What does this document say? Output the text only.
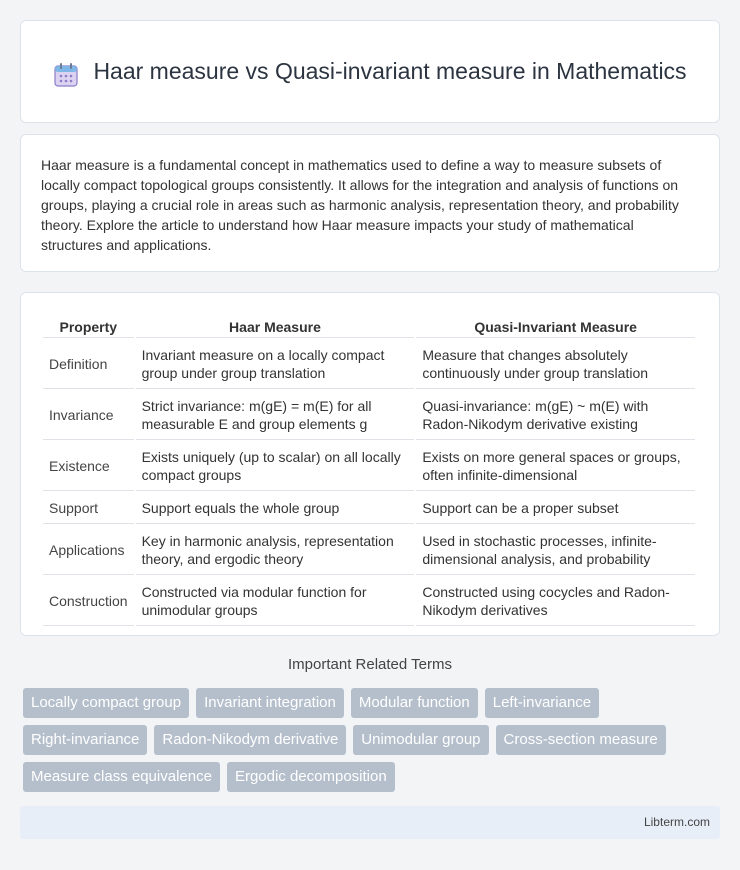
Haar measure vs Quasi-invariant measure in Mathematics

Haar measure is a fundamental concept in mathematics used to define a way to measure subsets of locally compact topological groups consistently. It allows for the integration and analysis of functions on groups, playing a crucial role in areas such as harmonic analysis, representation theory, and probability theory. Explore the article to understand how Haar measure impacts your study of mathematical structures and applications.

Property	Haar Measure	Quasi-Invariant Measure
Definition	Invariant measure on a locally compact group under group translation	Measure that changes absolutely continuously under group translation
Invariance	Strict invariance: m(gE) = m(E) for all measurable E and group elements g	Quasi-invariance: m(gE) ~ m(E) with Radon-Nikodym derivative existing
Existence	Exists uniquely (up to scalar) on all locally compact groups	Exists on more general spaces or groups, often infinite-dimensional
Support	Support equals the whole group	Support can be a proper subset
Applications	Key in harmonic analysis, representation theory, and ergodic theory	Used in stochastic processes, infinite-dimensional analysis, and probability
Construction	Constructed via modular function for unimodular groups	Constructed using cocycles and Radon-Nikodym derivatives
Important Related Terms
Locally compact group	Invariant integration	Modular function	Left-invariance
Right-invariance	Radon-Nikodym derivative	Unimodular group	Cross-section measure
Measure class equivalence	Ergodic decomposition
Libterm.com
